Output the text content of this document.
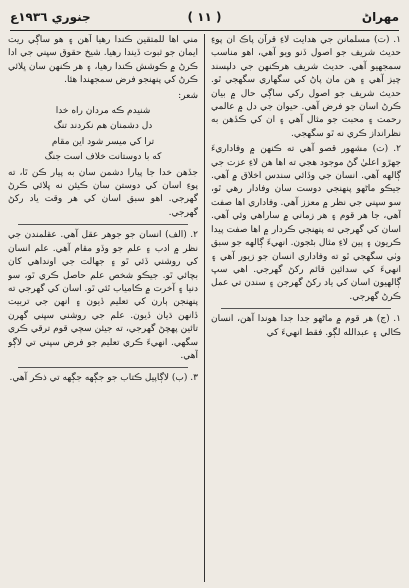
مهراڻ
( ۱۱ )
جنوري ۱۹۳٦ع

۱. (ت) مسلمانن جي هدايت لاءِ قرآن پاڪ ان پوءِ حديث شريف جو اصول ڏنو ويو آهي، اهو مناسب سمجهيو آهي. حديث شريف هرڪنهن جي دلپسند چيز آهي ۽ هن مان پاڻ کي سگهاري سگهجي ٿو. حديث شريف جو اصول رکي ساڳي حال ۾ بيان ڪرڻ اسان جو فرض آهي. حيوان جي دل ۾ عالمي رحمت ۽ محبت جو مثال آهي ۽ ان کي ڪڏهن به نظرانداز ڪري نه ٿو سگهجي.

۲. (ت) مشهور قصو آهي ته ڪنهن ۾ وفاداريءَ جهڙو اعليٰ گڻ موجود هجي ته اها هن لاءِ عزت جي ڳالهه آهي. انسان جي وڏائي سندس اخلاق ۾ آهي. جيڪو ماڻهو پنهنجي دوست سان وفادار رهي ٿو، سو سڀني جي نظر ۾ معزز آهي. وفاداري اها صفت آهي، جا هر قوم ۽ هر زماني ۾ ساراهي وئي آهي. اسان کي گهرجي ته پنهنجي ڪردار ۾ اها صفت پيدا ڪريون ۽ ٻين لاءِ مثال بڻجون. انهيءَ ڳالهه جو سبق وٺي سگهجي ٿو ته وفاداري انسان جو زيور آهي ۽ انهيءَ کي سدائين قائم رکڻ گهرجي. اهي سڀ ڳالهيون اسان کي ياد رکڻ گهرجن ۽ سندن تي عمل ڪرڻ گهرجي.

۱. (ج) هر قوم ۾ ماڻهو جدا جدا هوندا آهن، انسان ڪالي ۽ عبدالله لڳو. فقط انهيءَ کي

مني اها للمتقين ڪندا رهيا آهن ۽ هو ساڳي ريت ايمان جو ثبوت ڏيندا رهيا. شيخ حقوق سڀني جي ادا ڪرڻ ۾ ڪوشش ڪندا رهيا، ۽ هر ڪنهن سان ڀلائي ڪرڻ کي پنهنجو فرض سمجهندا هئا.

شعر:

شنيدم ڪه مردان راه خدا
دل دشمنان هم نکردند تنگ
ترا کي ميسر شود اين مقام
که با دوستانت خلاف است جنگ

جڏهن خدا جا پيارا دشمن سان به پيار ڪن ٿا، ته پوءِ اسان کي دوستن سان ڪيئن نه ڀلائي ڪرڻ گهرجي. اهو سبق اسان کي هر وقت ياد رکڻ گهرجي.

۲. (الف) انسان جو جوهر عقل آهي. عقلمندن جي نظر ۾ ادب ۽ علم جو وڏو مقام آهي. علم انسان کي روشني ڏئي ٿو ۽ جهالت جي اونداهي کان بچائي ٿو. جيڪو شخص علم حاصل ڪري ٿو، سو دنيا ۽ آخرت ۾ ڪامياب ٿئي ٿو. اسان کي گهرجي ته پنهنجن ٻارن کي تعليم ڏيون ۽ انهن جي تربيت ڏانهن ڌيان ڏيون. علم جي روشني سڀني گهرن تائين پهچڻ گهرجي، ته جيئن سڄي قوم ترقي ڪري سگهي. انهيءَ ڪري تعليم جو فرض سڀني تي لاڳو آهي.

۳. (ب) لاڳاپيل ڪتاب جو جڳهه جڳهه تي ذڪر آهي.
